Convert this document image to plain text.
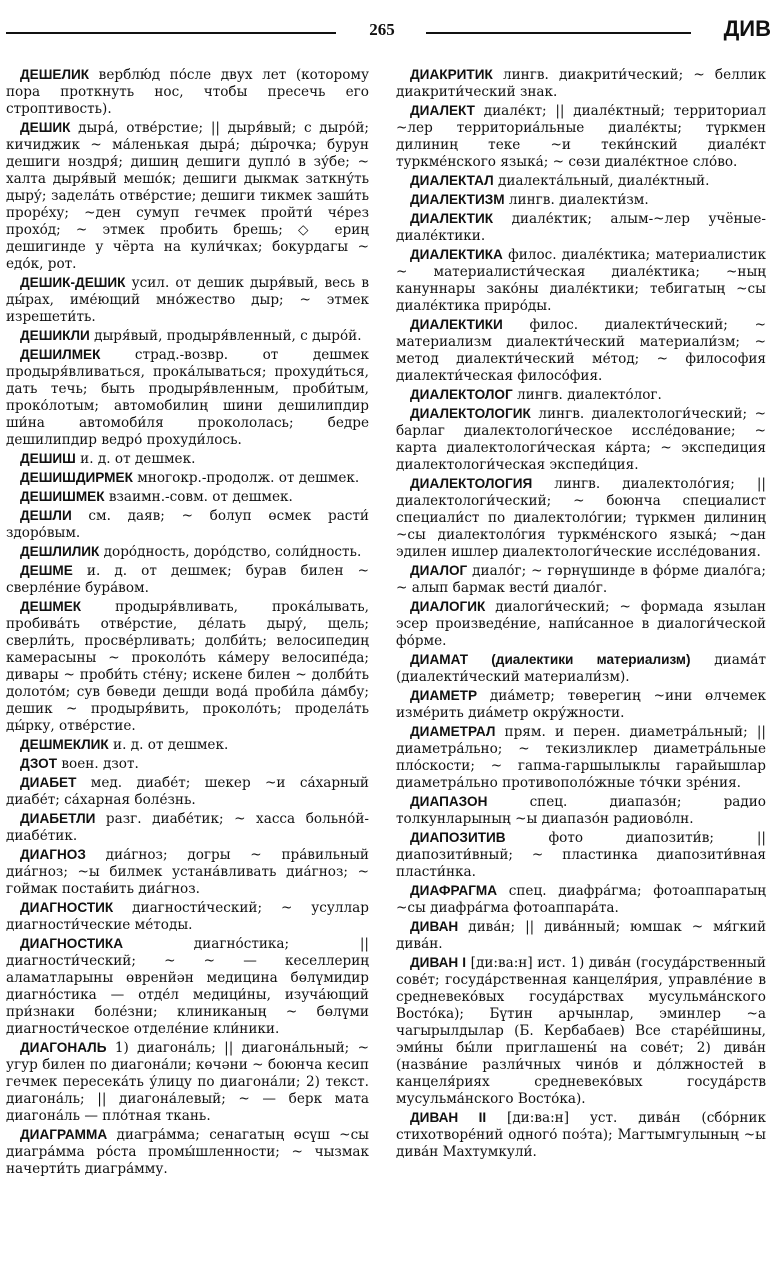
265	ДИВ

ДЕШЕЛИК верблю́д по́сле двух лет (которому пора проткнуть нос, чтобы пресечь его строптивость).

ДЕШИК дыра́, отве́рстие; || дыря́вый; с дыро́й; кичиджик ~ ма́ленькая дыра́; ды́рочка; бурун дешиги ноздря́; дишиң дешиги дупло́ в зу́бе; ~ халта дыря́вый мешо́к; дешиги дыкмак заткну́ть дыру́; задела́ть отве́рстие; дешиги тикмек заши́ть проре́ху; ~ден сумуп гечмек пройти́ че́рез прохо́д; ~ этмек пробить брешь; ◇ ериң дешигинде у чёрта на кули́чках; бокурдагы ~ едо́к, рот.

ДЕШИК-ДЕШИК усил. от дешик дыря́вый, весь в ды́рах, име́ющий мно́жество дыр; ~ этмек изрешети́ть.

ДЕШИКЛИ дыря́вый, продыря́вленный, с дыро́й.

ДЕШИЛМЕК страд.-возвр. от дешмек продыря́вливаться, прока́лываться; прохуди́ться, дать течь; быть продыря́вленным, проби́тым, проко́лотым; автомобилиң шини дешилипдир ши́на автомоби́ля прокололась; бедре дешилипдир ведро́ прохуди́лось.

ДЕШИШ и. д. от дешмек.

ДЕШИШДИРМЕК многокр.-продолж. от дешмек.

ДЕШИШМЕК взаимн.-совм. от дешмек.

ДЕШЛИ см. даяв; ~ болуп өсмек расти́ здоро́вым.

ДЕШЛИЛИК доро́дность, доро́дство, соли́дность.

ДЕШМЕ и. д. от дешмек; бурав билен ~ сверле́ние бура́вом.

ДЕШМЕК продыря́вливать, прока́лывать, пробива́ть отве́рстие, де́лать дыру́, щель; сверли́ть, просве́рливать; долби́ть; велосипедиң камерасыны ~ проколо́ть ка́меру велосипе́да; дивары ~ проби́ть сте́ну; искене билен ~ долби́ть долото́м; сув бөведи дешди вода́ проби́ла да́мбу; дешик ~ продыря́вить, проколо́ть; продела́ть ды́рку, отве́рстие.

ДЕШМЕКЛИК и. д. от дешмек.

ДЗОТ воен. дзот.

ДИАБЕТ мед. диабе́т; шекер ~и са́харный диабе́т; са́харная боле́знь.

ДИАБЕТЛИ разг. диабе́тик; ~ хасса больно́й-диабе́тик.

ДИАГНОЗ диа́гноз; догры ~ пра́вильный диа́гноз; ~ы билмек устана́вливать диа́гноз; ~ гоймак постав́ить диа́гноз.

ДИАГНОСТИК диагности́ческий; ~ усуллар диагности́ческие ме́тоды.

ДИАГНОСТИКА диагно́стика; || диагности́ческий; ~ ~ — кеселлериң аламатларыны өвренйән медицина бөлүмидир диагно́стика — отде́л медици́ны, изуча́ющий при́знаки боле́зни; клиниканың ~ бөлүми диагности́ческое отделе́ние кли́ники.

ДИАГОНАЛЬ 1) диагона́ль; || диагона́льный; ~ угур билен по диагона́ли; көчәни ~ боюнча кесип гечмек пересека́ть у́лицу по диагона́ли; 2) текст. диагона́ль; || диагона́левый; ~ — берк мата диагона́ль — пло́тная ткань.

ДИАГРАММА диагра́мма; сенагатың өсүш ~сы диагра́мма ро́ста промы́шленности; ~ чызмак начерти́ть диагра́мму.

ДИАКРИТИК лингв. диакрити́ческий; ~ беллик диакрити́ческий знак.

ДИАЛЕКТ диале́кт; || диале́ктный; территориал ~лер территориа́льные диале́кты; түркмен дилиниң теке ~и теки́нский диале́кт туркме́нского языка́; ~ сөзи диале́ктное сло́во.

ДИАЛЕКТАЛ диалекта́льный, диале́ктный.

ДИАЛЕКТИЗМ лингв. диалекти́зм.

ДИАЛЕКТИК диале́ктик; алым-~лер учёные-диале́ктики.

ДИАЛЕКТИКА филос. диале́ктика; материалистик ~ материалисти́ческая диале́ктика; ~ның кануннары зако́ны диале́ктики; тебигатың ~сы диале́ктика приро́ды.

ДИАЛЕКТИКИ филос. диалекти́ческий; ~ материализм диалекти́ческий материали́зм; ~ метод диалекти́ческий ме́тод; ~ философия диалекти́ческая филосо́фия.

ДИАЛЕКТОЛОГ лингв. диалекто́лог.

ДИАЛЕКТОЛОГИК лингв. диалектологи́ческий; ~ барлаг диалектологи́ческое иссле́дование; ~ карта диалектологи́ческая ка́рта; ~ экспедиция диалектологи́ческая экспеди́ция.

ДИАЛЕКТОЛОГИЯ лингв. диалектоло́гия; || диалектологи́ческий; ~ боюнча специалист специали́ст по диалектоло́гии; түркмен дилиниң ~сы диалектоло́гия туркме́нского языка́; ~дан эдилен ишлер диалектологи́ческие иссле́дования.

ДИАЛОГ диало́г; ~ гөрнүшинде в фо́рме диало́га; ~ алып бармак вести́ диало́г.

ДИАЛОГИК диалоги́ческий; ~ формада язылан эсер произведе́ние, напи́санное в диалоги́ческой фо́рме.

ДИАМАТ (диалектики материализм) диама́т (диалекти́ческий материали́зм).

ДИАМЕТР диа́метр; төверегиң ~ини өлчемек изме́рить диа́метр окру́жности.

ДИАМЕТРАЛ прям. и перен. диаметра́льный; || диаметра́льно; ~ текизликлер диаметра́льные пло́скости; ~ гапма-гаршылыклы гарайышлар диаметра́льно противополо́жные то́чки зре́ния.

ДИАПАЗОН спец. диапазо́н; радио толкунларының ~ы диапазо́н радиово́лн.

ДИАПОЗИТИВ фото диапозити́в; || диапозити́вный; ~ пластинка диапозити́вная пласти́нка.

ДИАФРАГМА спец. диафра́гма; фотоаппаратың ~сы диафра́гма фотоаппара́та.

ДИВАН дива́н; || дива́нный; юмшак ~ мя́гкий дива́н.

ДИВАН I [ди:ва:н] ист. 1) дива́н (госуда́рственный сове́т; госуда́рственная канцеля́рия, управле́ние в средневеко́вых госуда́рствах мусульма́нского Восто́ка); Бүтин арчынлар, эминлер ~а чагырылдылар (Б. Кербабаев) Все старе́йшины, эми́ны бы́ли приглашены́ на сове́т; 2) дива́н (назва́ние разли́чных чино́в и до́лжностей в канцеля́риях средневеко́вых госуда́рств мусульма́нского Восто́ка).

ДИВАН II [ди:ва:н] уст. дива́н (сбо́рник стихотворе́ний одного́ поэ́та); Магтымгулының ~ы дива́н Махтумкули́.
